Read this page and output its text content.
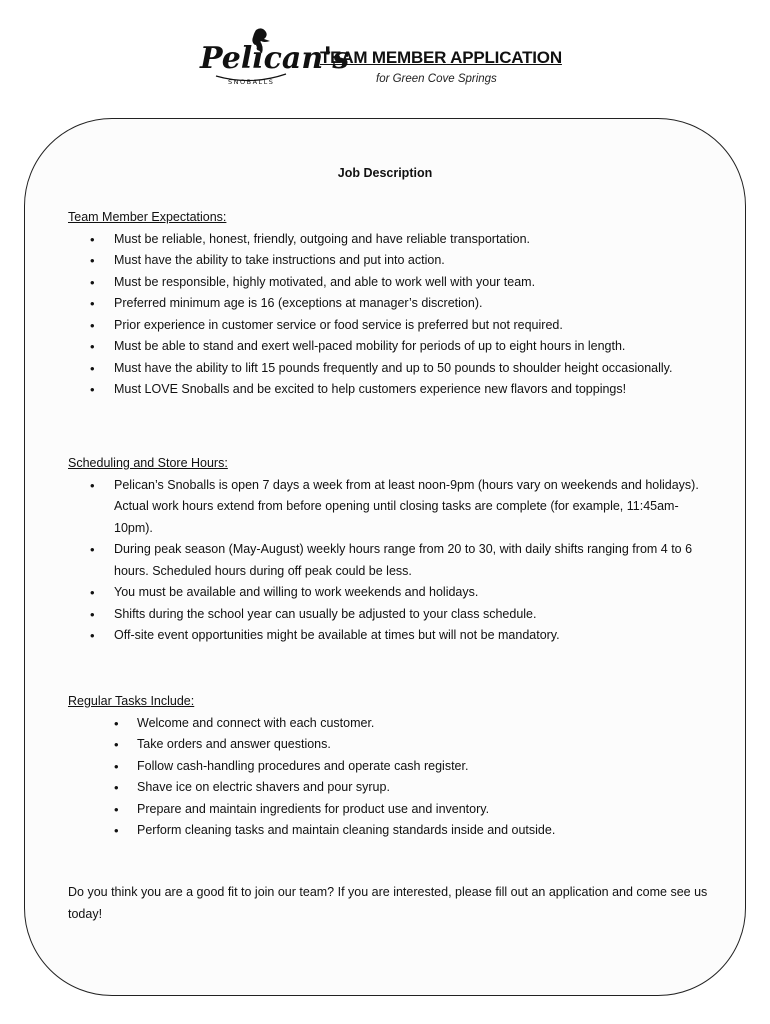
Pelican's
SNOBALLS
TEAM MEMBER APPLICATION
for Green Cove Springs
Job Description

Team Member Expectations:

• Must be reliable, honest, friendly, outgoing and have reliable transportation.
• Must have the ability to take instructions and put into action.
• Must be responsible, highly motivated, and able to work well with your team.
• Preferred minimum age is 16 (exceptions at manager’s discretion).
• Prior experience in customer service or food service is preferred but not required.
• Must be able to stand and exert well-paced mobility for periods of up to eight hours in length.
• Must have the ability to lift 15 pounds frequently and up to 50 pounds to shoulder height occasionally.
• Must LOVE Snoballs and be excited to help customers experience new flavors and toppings!

Scheduling and Store Hours:

• Pelican’s Snoballs is open 7 days a week from at least noon-9pm (hours vary on weekends and holidays). Actual work hours extend from before opening until closing tasks are complete (for example, 11:45am-10pm).
• During peak season (May-August) weekly hours range from 20 to 30, with daily shifts ranging from 4 to 6 hours. Scheduled hours during off peak could be less.
• You must be available and willing to work weekends and holidays.
• Shifts during the school year can usually be adjusted to your class schedule.
• Off-site event opportunities might be available at times but will not be mandatory.

Regular Tasks Include:

• Welcome and connect with each customer.
• Take orders and answer questions.
• Follow cash-handling procedures and operate cash register.
• Shave ice on electric shavers and pour syrup.
• Prepare and maintain ingredients for product use and inventory.
• Perform cleaning tasks and maintain cleaning standards inside and outside.
Do you think you are a good fit to join our team? If you are interested, please fill out an application and come see us today!
